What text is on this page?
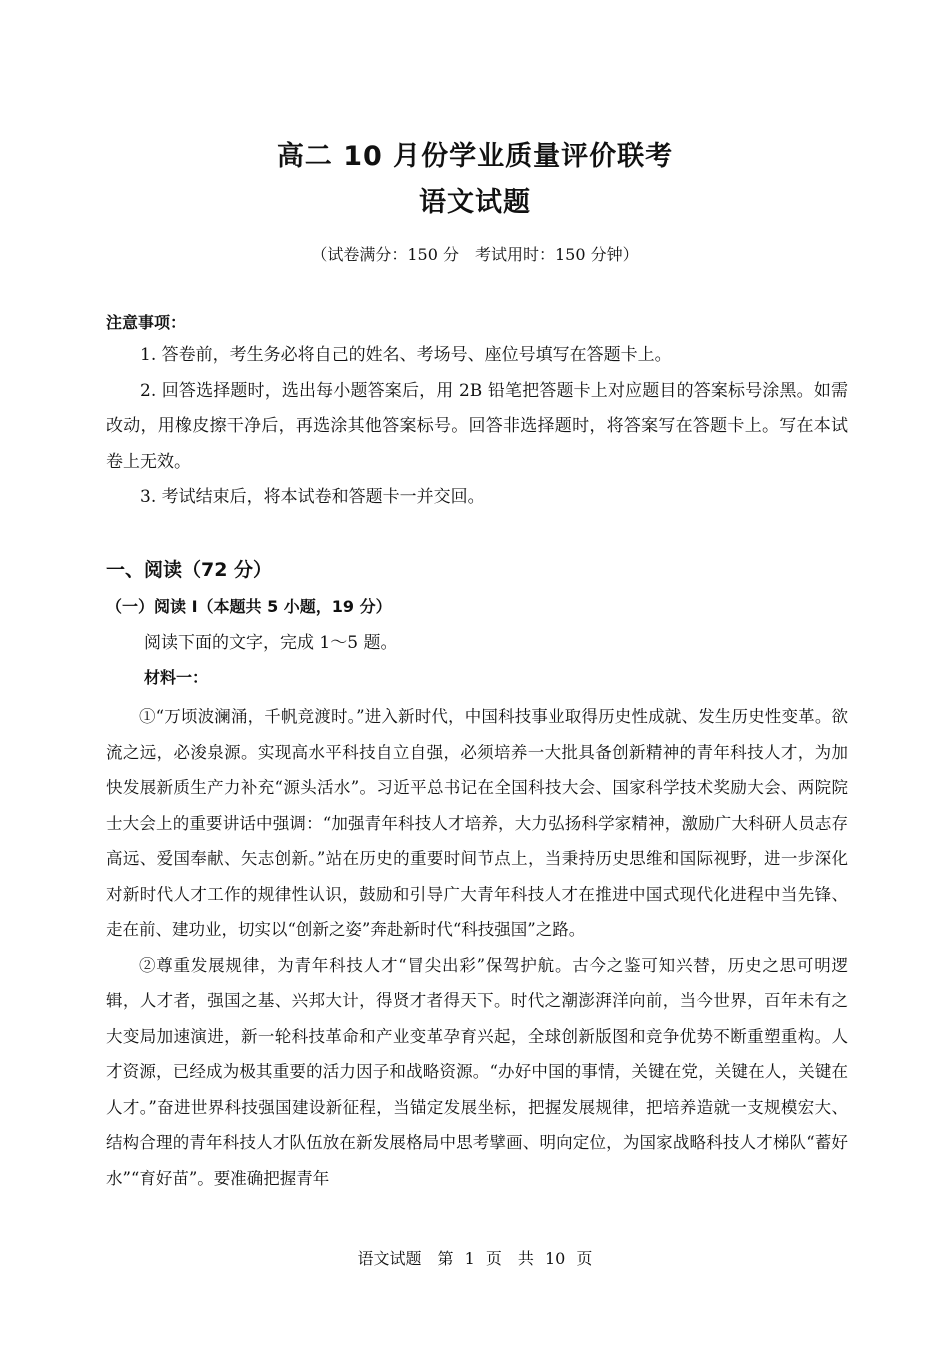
高二 10 月份学业质量评价联考
语文试题
（试卷满分：150 分　考试用时：150 分钟）
注意事项：

1. 答卷前，考生务必将自己的姓名、考场号、座位号填写在答题卡上。

2. 回答选择题时，选出每小题答案后，用 2B 铅笔把答题卡上对应题目的答案标号涂黑。如需改动，用橡皮擦干净后，再选涂其他答案标号。回答非选择题时，将答案写在答题卡上。写在本试卷上无效。

3. 考试结束后，将本试卷和答题卡一并交回。

一、阅读（72 分）
（一）阅读 Ⅰ（本题共 5 小题，19 分）
阅读下面的文字，完成 1～5 题。
材料一：

①“万顷波澜涌，千帆竞渡时。”进入新时代，中国科技事业取得历史性成就、发生历史性变革。欲流之远，必浚泉源。实现高水平科技自立自强，必须培养一大批具备创新精神的青年科技人才，为加快发展新质生产力补充“源头活水”。习近平总书记在全国科技大会、国家科学技术奖励大会、两院院士大会上的重要讲话中强调：“加强青年科技人才培养，大力弘扬科学家精神，激励广大科研人员志存高远、爱国奉献、矢志创新。”站在历史的重要时间节点上，当秉持历史思维和国际视野，进一步深化对新时代人才工作的规律性认识，鼓励和引导广大青年科技人才在推进中国式现代化进程中当先锋、走在前、建功业，切实以“创新之姿”奔赴新时代“科技强国”之路。

②尊重发展规律，为青年科技人才“冒尖出彩”保驾护航。古今之鉴可知兴替，历史之思可明逻辑，人才者，强国之基、兴邦大计，得贤才者得天下。时代之潮澎湃洋向前，当今世界，百年未有之大变局加速演进，新一轮科技革命和产业变革孕育兴起，全球创新版图和竞争优势不断重塑重构。人才资源，已经成为极其重要的活力因子和战略资源。“办好中国的事情，关键在党，关键在人，关键在人才。”奋进世界科技强国建设新征程，当锚定发展坐标，把握发展规律，把培养造就一支规模宏大、结构合理的青年科技人才队伍放在新发展格局中思考擘画、明向定位，为国家战略科技人才梯队“蓄好水”“育好苗”。要准确把握青年

语文试题　第 1 页　共 10 页
